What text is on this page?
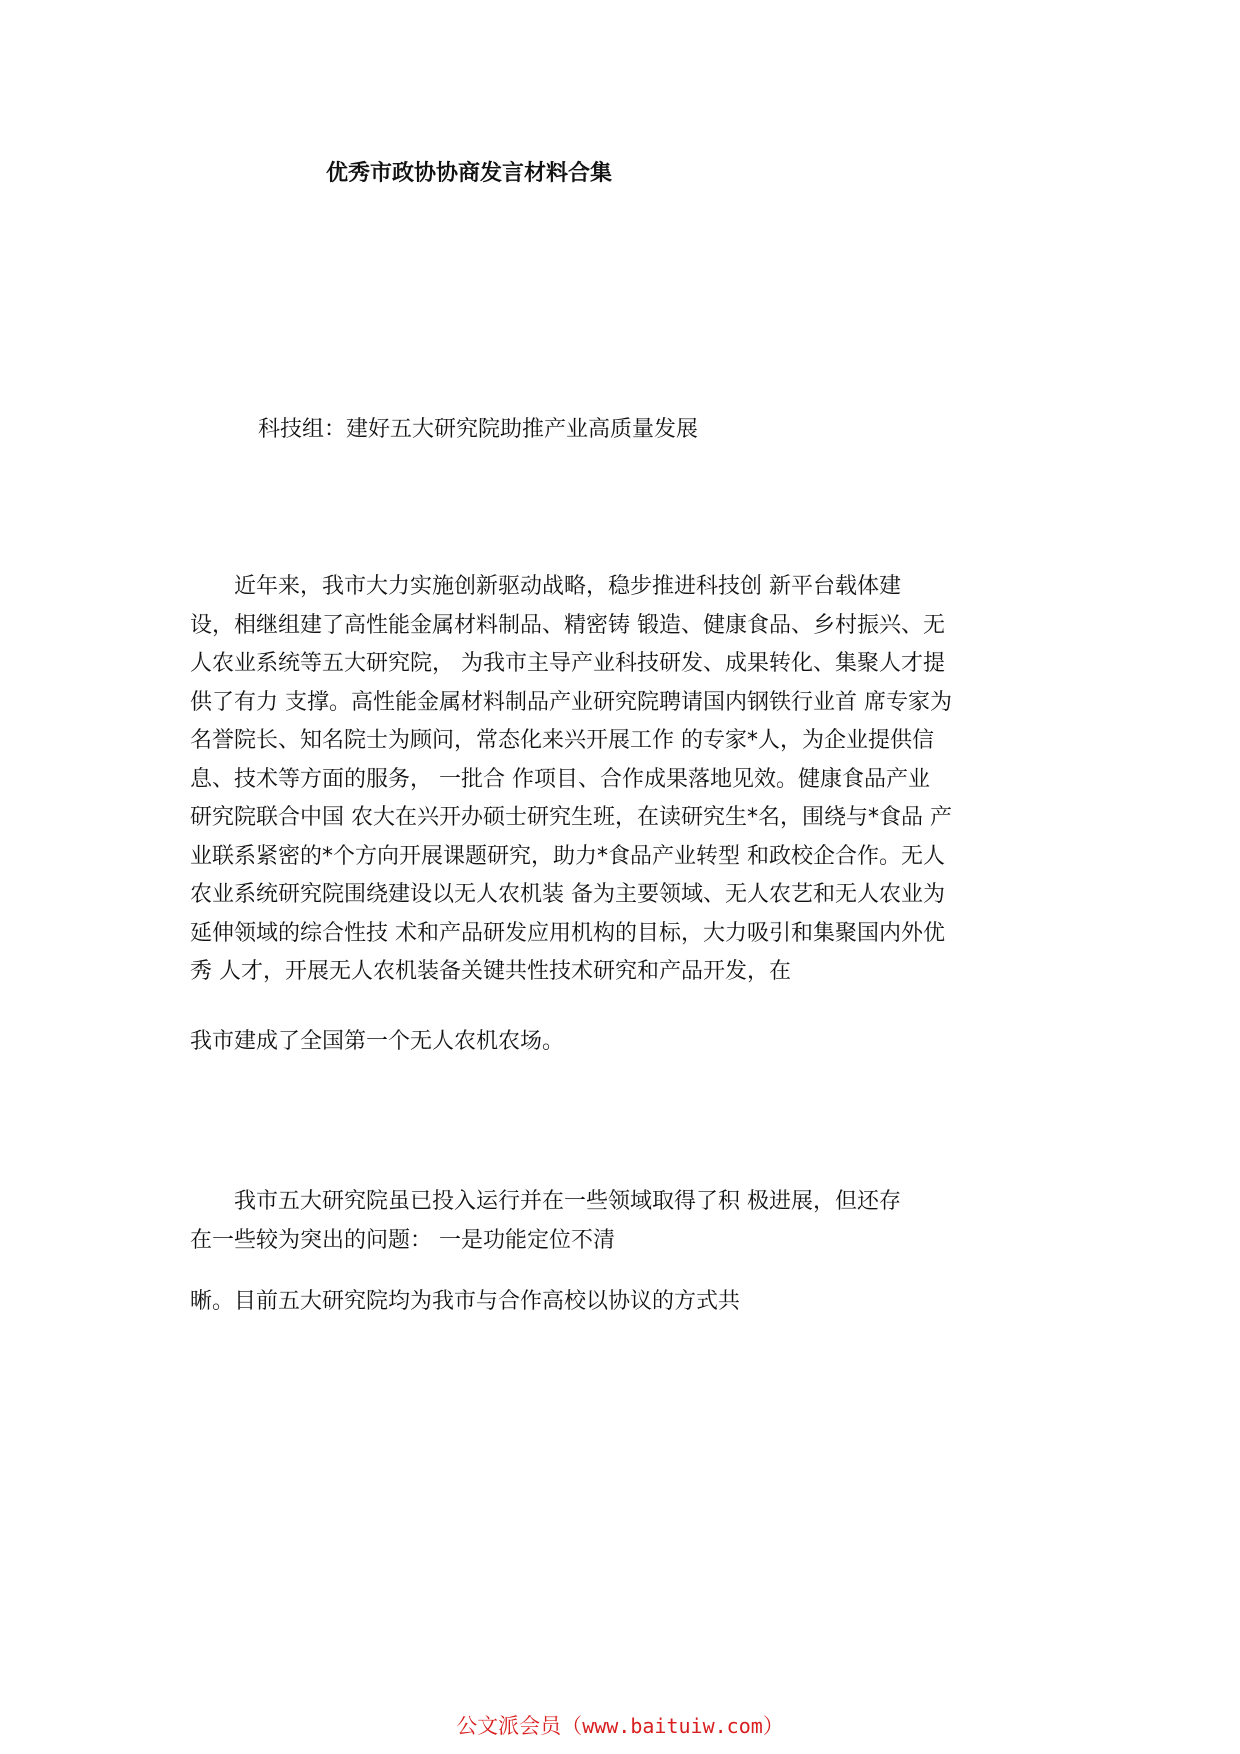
优秀市政协协商发言材料合集
科技组：建好五大研究院助推产业高质量发展
　　近年来，我市大力实施创新驱动战略，稳步推进科技创 新平台载体建
设，相继组建了高性能金属材料制品、精密铸 锻造、健康食品、乡村振兴、无
人农业系统等五大研究院， 为我市主导产业科技研发、成果转化、集聚人才提
供了有力 支撑。高性能金属材料制品产业研究院聘请国内钢铁行业首 席专家为
名誉院长、知名院士为顾问，常态化来兴开展工作 的专家*人，为企业提供信
息、技术等方面的服务， 一批合 作项目、合作成果落地见效。健康食品产业
研究院联合中国 农大在兴开办硕士研究生班，在读研究生*名，围绕与*食品 产
业联系紧密的*个方向开展课题研究，助力*食品产业转型 和政校企合作。无人
农业系统研究院围绕建设以无人农机装 备为主要领域、无人农艺和无人农业为
延伸领域的综合性技 术和产品研发应用机构的目标，大力吸引和集聚国内外优
秀 人才，开展无人农机装备关键共性技术研究和产品开发，在
我市建成了全国第一个无人农机农场。
　　我市五大研究院虽已投入运行并在一些领域取得了积 极进展，但还存
在一些较为突出的问题： 一是功能定位不清
晰。目前五大研究院均为我市与合作高校以协议的方式共
公文派会员（www.baituiw.com）
